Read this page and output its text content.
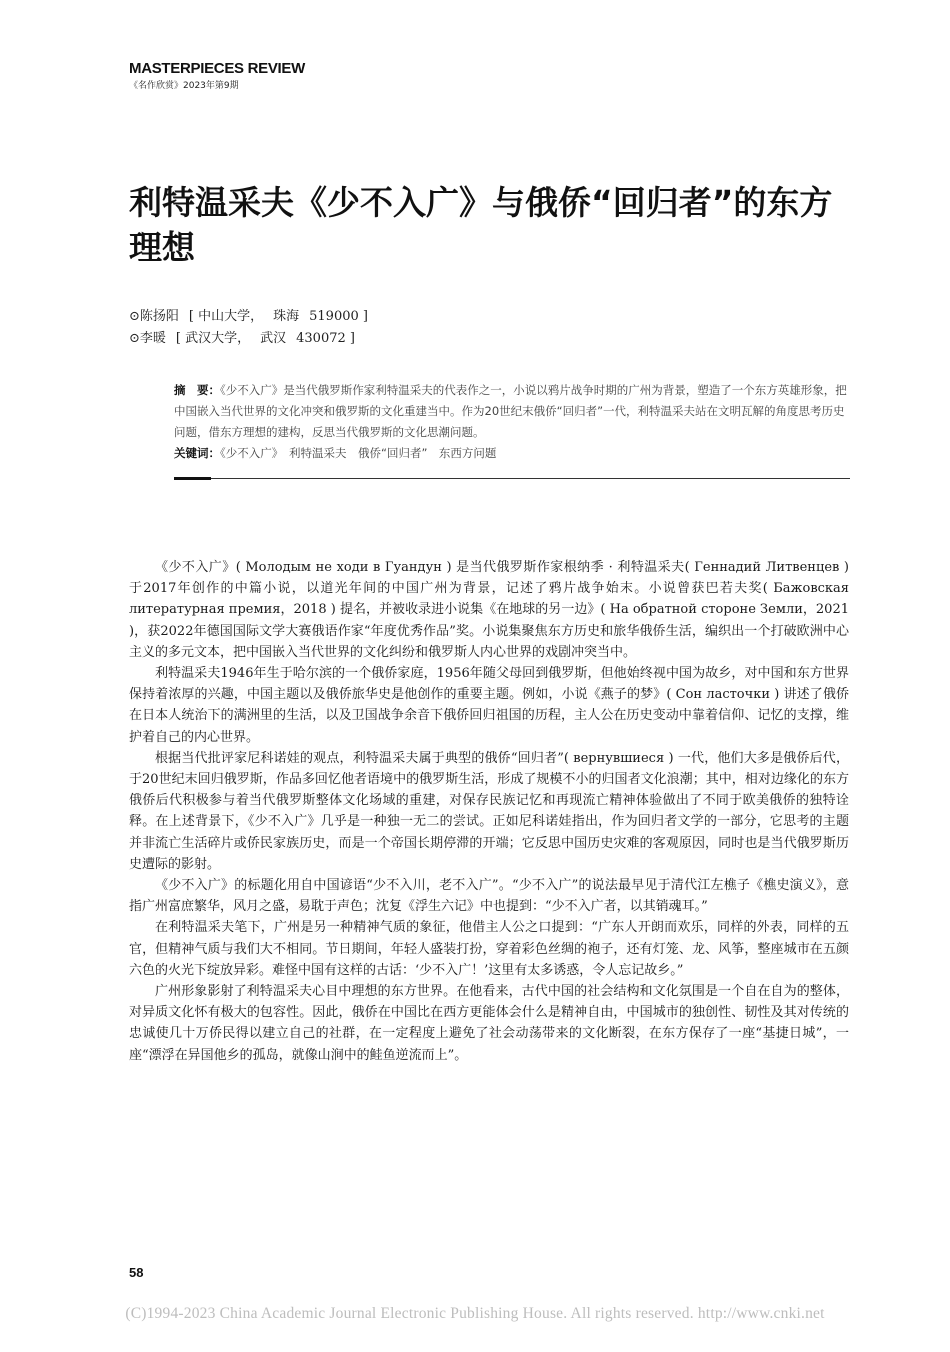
MASTERPIECES REVIEW
《名作欣赏》2023年第9期
利特温采夫《少不入广》与俄侨“回归者”的东方理想
⊙陈扬阳 [ 中山大学， 珠海 519000 ]
⊙李暖 [ 武汉大学， 武汉 430072 ]

摘　要：《少不入广》是当代俄罗斯作家利特温采夫的代表作之一，小说以鸦片战争时期的广州为背景，塑造了一个东方英雄形象，把中国嵌入当代世界的文化冲突和俄罗斯的文化重建当中。作为20世纪末俄侨“回归者”一代，利特温采夫站在文明瓦解的角度思考历史问题，借东方理想的建构，反思当代俄罗斯的文化思潮问题。

关键词：《少不入广》　利特温采夫　俄侨“回归者”　东西方问题

《少不入广》( Молодым не ходи в Гуандун ) 是当代俄罗斯作家根纳季 · 利特温采夫( Геннадий Литвенцев ) 于2017年创作的中篇小说，以道光年间的中国广州为背景，记述了鸦片战争始末。小说曾获巴若夫奖( Бажовская литературная премия，2018 ) 提名，并被收录进小说集《在地球的另一边》( На обратной стороне Земли，2021 )，获2022年德国国际文学大赛俄语作家“年度优秀作品”奖。小说集聚焦东方历史和旅华俄侨生活，编织出一个打破欧洲中心主义的多元文本，把中国嵌入当代世界的文化纠纷和俄罗斯人内心世界的戏剧冲突当中。

利特温采夫1946年生于哈尔滨的一个俄侨家庭，1956年随父母回到俄罗斯，但他始终视中国为故乡，对中国和东方世界保持着浓厚的兴趣，中国主题以及俄侨旅华史是他创作的重要主题。例如，小说《燕子的梦》( Сон ласточки ) 讲述了俄侨在日本人统治下的满洲里的生活，以及卫国战争余音下俄侨回归祖国的历程，主人公在历史变动中靠着信仰、记忆的支撑，维护着自己的内心世界。

根据当代批评家尼科诺娃的观点，利特温采夫属于典型的俄侨“回归者”( вернувшиеся ) 一代，他们大多是俄侨后代，于20世纪末回归俄罗斯，作品多回忆他者语境中的俄罗斯生活，形成了规模不小的归国者文化浪潮；其中，相对边缘化的东方俄侨后代积极参与着当代俄罗斯整体文化场域的重建，对保存民族记忆和再现流亡精神体验做出了不同于欧美俄侨的独特诠释。在上述背景下，《少不入广》几乎是一种独一无二的尝试。正如尼科诺娃指出，作为回归者文学的一部分，它思考的主题并非流亡生活碎片或侨民家族历史，而是一个帝国长期停滞的开端；它反思中国历史灾难的客观原因，同时也是当代俄罗斯历史遭际的影射。

《少不入广》的标题化用自中国谚语“少不入川，老不入广”。“少不入广”的说法最早见于清代江左樵子《樵史演义》，意指广州富庶繁华，风月之盛，易耽于声色；沈复《浮生六记》中也提到：“少不入广者，以其销魂耳。”

在利特温采夫笔下，广州是另一种精神气质的象征，他借主人公之口提到：“广东人开朗而欢乐，同样的外表，同样的五官，但精神气质与我们大不相同。节日期间，年轻人盛装打扮，穿着彩色丝绸的袍子，还有灯笼、龙、风筝，整座城市在五颜六色的火光下绽放异彩。难怪中国有这样的古话：‘少不入广！’这里有太多诱惑，令人忘记故乡。”

广州形象影射了利特温采夫心目中理想的东方世界。在他看来，古代中国的社会结构和文化氛围是一个自在自为的整体，对异质文化怀有极大的包容性。因此，俄侨在中国比在西方更能体会什么是精神自由，中国城市的独创性、韧性及其对传统的忠诚使几十万侨民得以建立自己的社群，在一定程度上避免了社会动荡带来的文化断裂，在东方保存了一座“基捷日城”，一座“漂浮在异国他乡的孤岛，就像山涧中的鲑鱼逆流而上”。

58
(C)1994-2023 China Academic Journal Electronic Publishing House. All rights reserved. http://www.cnki.net
